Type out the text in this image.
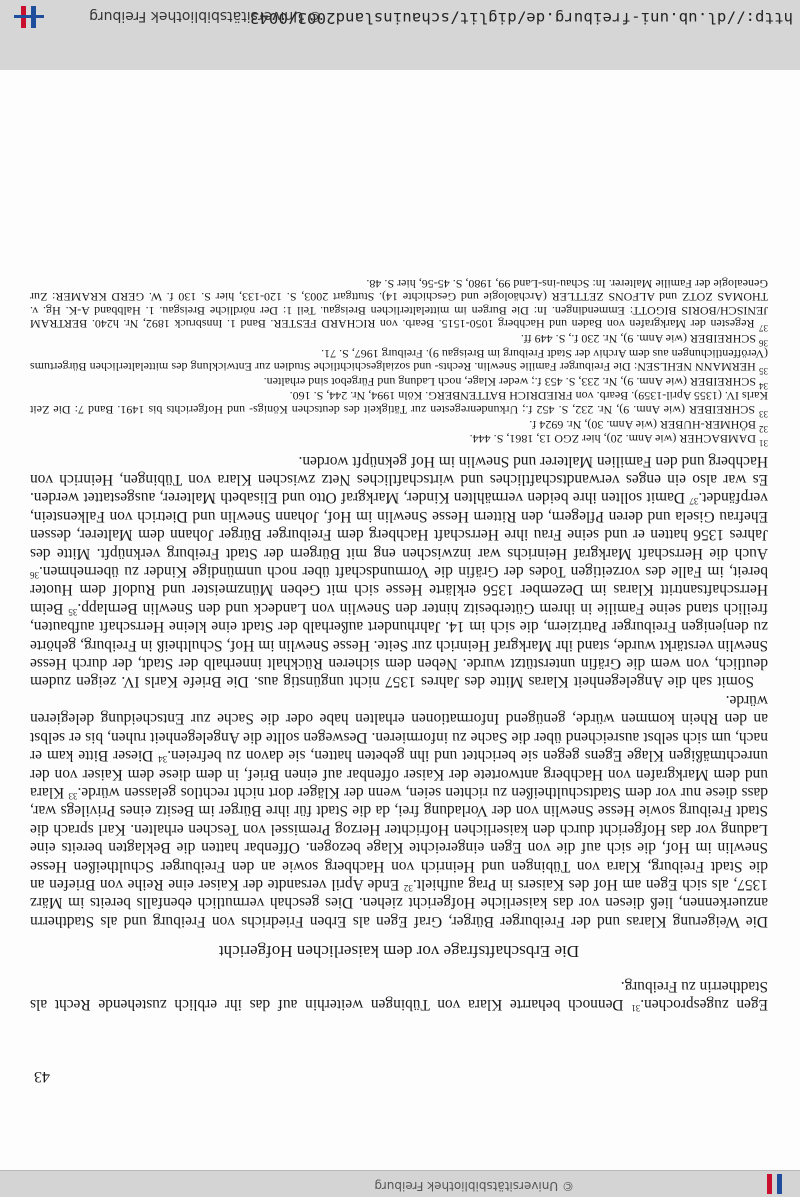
© Universitätsbibliothek Freiburg
43

Egen zugesprochen.$^{31}$ Dennoch beharrte Klara von Tübingen weiterhin auf das ihr erblich zustehende Recht als Stadtherrin zu Freiburg.

Die Erbschaftsfrage vor dem kaiserlichen Hofgericht

Die Weigerung Klaras und der Freiburger Bürger, Graf Egen als Erben Friedrichs von Freiburg und als Stadtherrn anzuerkennen, ließ diesen vor das kaiserliche Hofgericht ziehen. Dies geschah vermutlich ebenfalls bereits im März 1357, als sich Egen am Hof des Kaisers in Prag aufhielt.$^{32}$ Ende April versandte der Kaiser eine Reihe von Briefen an die Stadt Freiburg, Klara von Tübingen und Heinrich von Hachberg sowie an den Freiburger Schultheißen Hesse Snewlin im Hof, die sich auf die von Egen eingereichte Klage bezogen. Offenbar hatten die Beklagten bereits eine Ladung vor das Hofgericht durch den kaiserlichen Hofrichter Herzog Premissel von Teschen erhalten. Karl sprach die Stadt Freiburg sowie Hesse Snewlin von der Vorladung frei, da die Stadt für ihre Bürger im Besitz eines Privilegs war, dass diese nur vor dem Stadtschultheißen zu richten seien, wenn der Kläger dort nicht rechtlos gelassen würde.$^{33}$ Klara und dem Markgrafen von Hachberg antwortete der Kaiser offenbar auf einen Brief, in dem diese dem Kaiser von der unrechtmäßigen Klage Egens gegen sie berichtet und ihn gebeten hatten, sie davon zu befreien.$^{34}$ Dieser Bitte kam er nach, um sich selbst ausreichend über die Sache zu informieren. Deswegen sollte die Angelegenheit ruhen, bis er selbst an den Rhein kommen würde, genügend Informationen erhalten habe oder die Sache zur Entscheidung delegieren würde.

Somit sah die Angelegenheit Klaras Mitte des Jahres 1357 nicht ungünstig aus. Die Briefe Karls IV. zeigen zudem deutlich, von wem die Gräfin unterstützt wurde. Neben dem sicheren Rückhalt innerhalb der Stadt, der durch Hesse Snewlin verstärkt wurde, stand ihr Markgraf Heinrich zur Seite. Hesse Snewlin im Hof, Schultheiß in Freiburg, gehörte zu denjenigen Freiburger Patriziern, die sich im 14. Jahrhundert außerhalb der Stadt eine kleine Herrschaft aufbauten, freilich stand seine Familie in ihrem Güterbesitz hinter den Snewlin von Landeck und den Snewlin Bernlapp.$^{35}$ Beim Herrschaftsantritt Klaras im Dezember 1356 erklärte Hesse sich mit Geben Münzmeister und Rudolf dem Huoter bereit, im Falle des vorzeitigen Todes der Gräfin die Vormundschaft über noch unmündige Kinder zu übernehmen.$^{36}$ Auch die Herrschaft Markgraf Heinrichs war inzwischen eng mit Bürgern der Stadt Freiburg verknüpft. Mitte des Jahres 1356 hatten er und seine Frau ihre Herrschaft Hachberg dem Freiburger Bürger Johann dem Malterer, dessen Ehefrau Gisela und deren Pflegern, den Rittern Hesse Snewlin im Hof, Johann Snewlin und Dietrich von Falkenstein, verpfändet.$^{37}$ Damit sollten ihre beiden vermählten Kinder, Markgraf Otto und Elisabeth Malterer, ausgestattet werden. Es war also ein enges verwandtschaftliches und wirtschaftliches Netz zwischen Klara von Tübingen, Heinrich von Hachberg und den Familien Malterer und Snewlin im Hof geknüpft worden.

$^{31}$ DAMBACHER (wie Anm. 20), hier ZGO 13, 1861, S. 444.

$^{32}$ BÖHMER-HUBER (wie Anm. 30), Nr. 6924 f.

$^{33}$ SCHREIBER (wie Anm. 9), Nr. 232, S. 452 f.; Urkundenregesten zur Tätigkeit des deutschen Königs- und Hofgerichts bis 1491. Band 7: Die Zeit Karls IV. (1355 April-1359). Bearb. von FRIEDRICH BATTENBERG. Köln 1994, Nr. 244, S. 160.

$^{34}$ SCHREIBER (wie Anm. 9), Nr. 233, S. 453 f.; weder Klage, noch Ladung und Fürgebot sind erhalten.

$^{35}$ HERMANN NEHLSEN: Die Freiburger Familie Snewlin. Rechts- und sozialgeschichtliche Studien zur Entwicklung des mittelalterlichen Bürgertums (Veröffentlichungen aus dem Archiv der Stadt Freiburg im Breisgau 9). Freiburg 1967, S. 71.

$^{36}$ SCHREIBER (wie Anm. 9), Nr. 230 f., S. 449 ff.

$^{37}$ Regesten der Markgrafen von Baden und Hachberg 1050-1515. Bearb. von RICHARD FESTER. Band 1. Innsbruck 1892, Nr. h240. BERTRAM JENISCH/BORIS BIGOTT: Emmendingen. In: Die Burgen im mittelalterlichen Breisgau. Teil 1: Der nördliche Breisgau. 1. Halbband A-K. Hg. v. THOMAS ZOTZ und ALFONS ZETTLER (Archäologie und Geschichte 14). Stuttgart 2003, S. 120-133, hier S. 130 f. W. GERD KRAMER: Zur Genealogie der Familie Malterer. In: Schau-ins-Land 99, 1980, S. 45-56, hier S. 48.

http://dl.ub.uni-freiburg.de/diglit/schauinsland2003/0043
© Universitätsbibliothek Freiburg
